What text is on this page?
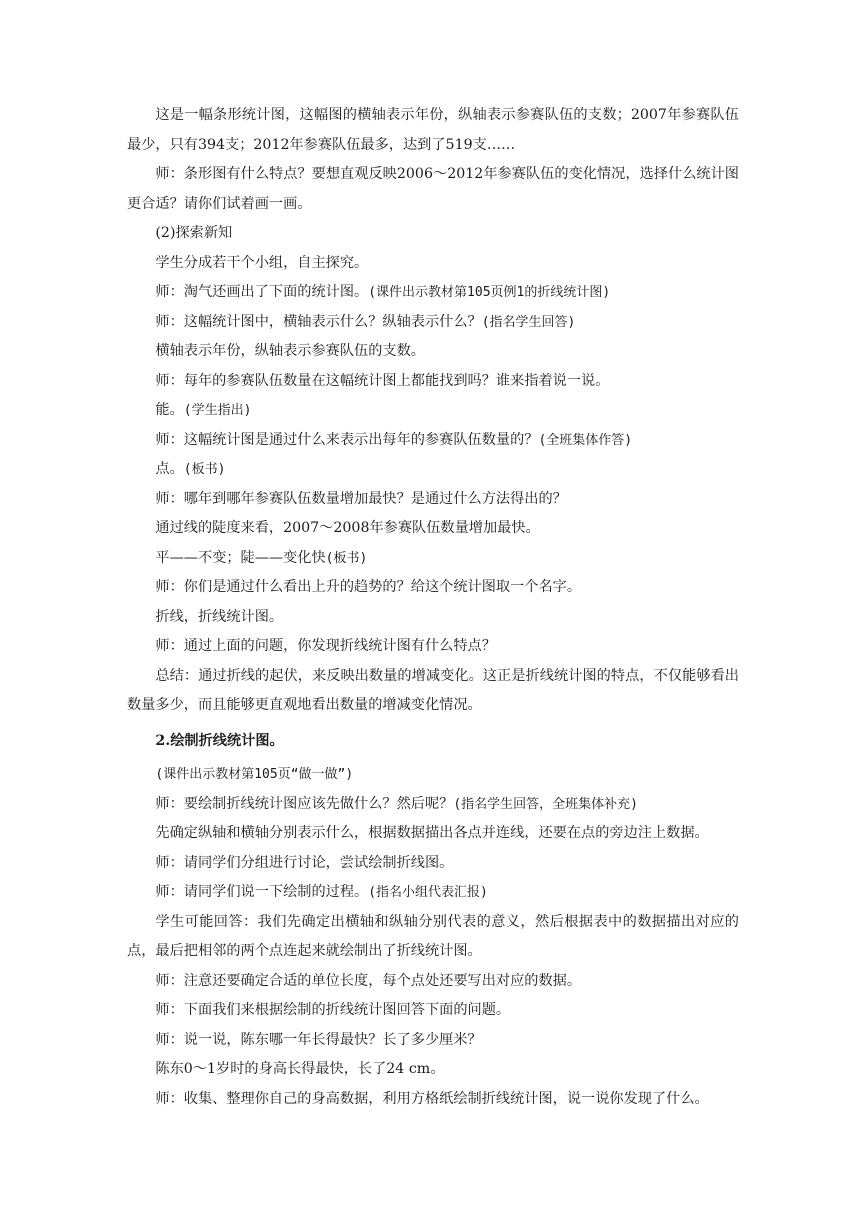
这是一幅条形统计图，这幅图的横轴表示年份，纵轴表示参赛队伍的支数；2007年参赛队伍最少，只有394支；2012年参赛队伍最多，达到了519支……

师：条形图有什么特点？要想直观反映2006～2012年参赛队伍的变化情况，选择什么统计图更合适？请你们试着画一画。

(2)探索新知

学生分成若干个小组，自主探究。

师：淘气还画出了下面的统计图。(课件出示教材第105页例1的折线统计图)

师：这幅统计图中，横轴表示什么？纵轴表示什么？(指名学生回答)

横轴表示年份，纵轴表示参赛队伍的支数。

师：每年的参赛队伍数量在这幅统计图上都能找到吗？谁来指着说一说。

能。(学生指出)

师：这幅统计图是通过什么来表示出每年的参赛队伍数量的？(全班集体作答)

点。(板书)

师：哪年到哪年参赛队伍数量增加最快？是通过什么方法得出的？

通过线的陡度来看，2007～2008年参赛队伍数量增加最快。

平——不变；陡——变化快(板书)

师：你们是通过什么看出上升的趋势的？给这个统计图取一个名字。

折线，折线统计图。

师：通过上面的问题，你发现折线统计图有什么特点？

总结：通过折线的起伏，来反映出数量的增减变化。这正是折线统计图的特点，不仅能够看出数量多少，而且能够更直观地看出数量的增减变化情况。

2.绘制折线统计图。

(课件出示教材第105页“做一做”)

师：要绘制折线统计图应该先做什么？然后呢？(指名学生回答，全班集体补充)

先确定纵轴和横轴分别表示什么，根据数据描出各点并连线，还要在点的旁边注上数据。

师：请同学们分组进行讨论，尝试绘制折线图。

师：请同学们说一下绘制的过程。(指名小组代表汇报)

学生可能回答：我们先确定出横轴和纵轴分别代表的意义，然后根据表中的数据描出对应的点，最后把相邻的两个点连起来就绘制出了折线统计图。

师：注意还要确定合适的单位长度，每个点处还要写出对应的数据。

师：下面我们来根据绘制的折线统计图回答下面的问题。

师：说一说，陈东哪一年长得最快？长了多少厘米？

陈东0～1岁时的身高长得最快，长了24 cm。

师：收集、整理你自己的身高数据，利用方格纸绘制折线统计图，说一说你发现了什么。
